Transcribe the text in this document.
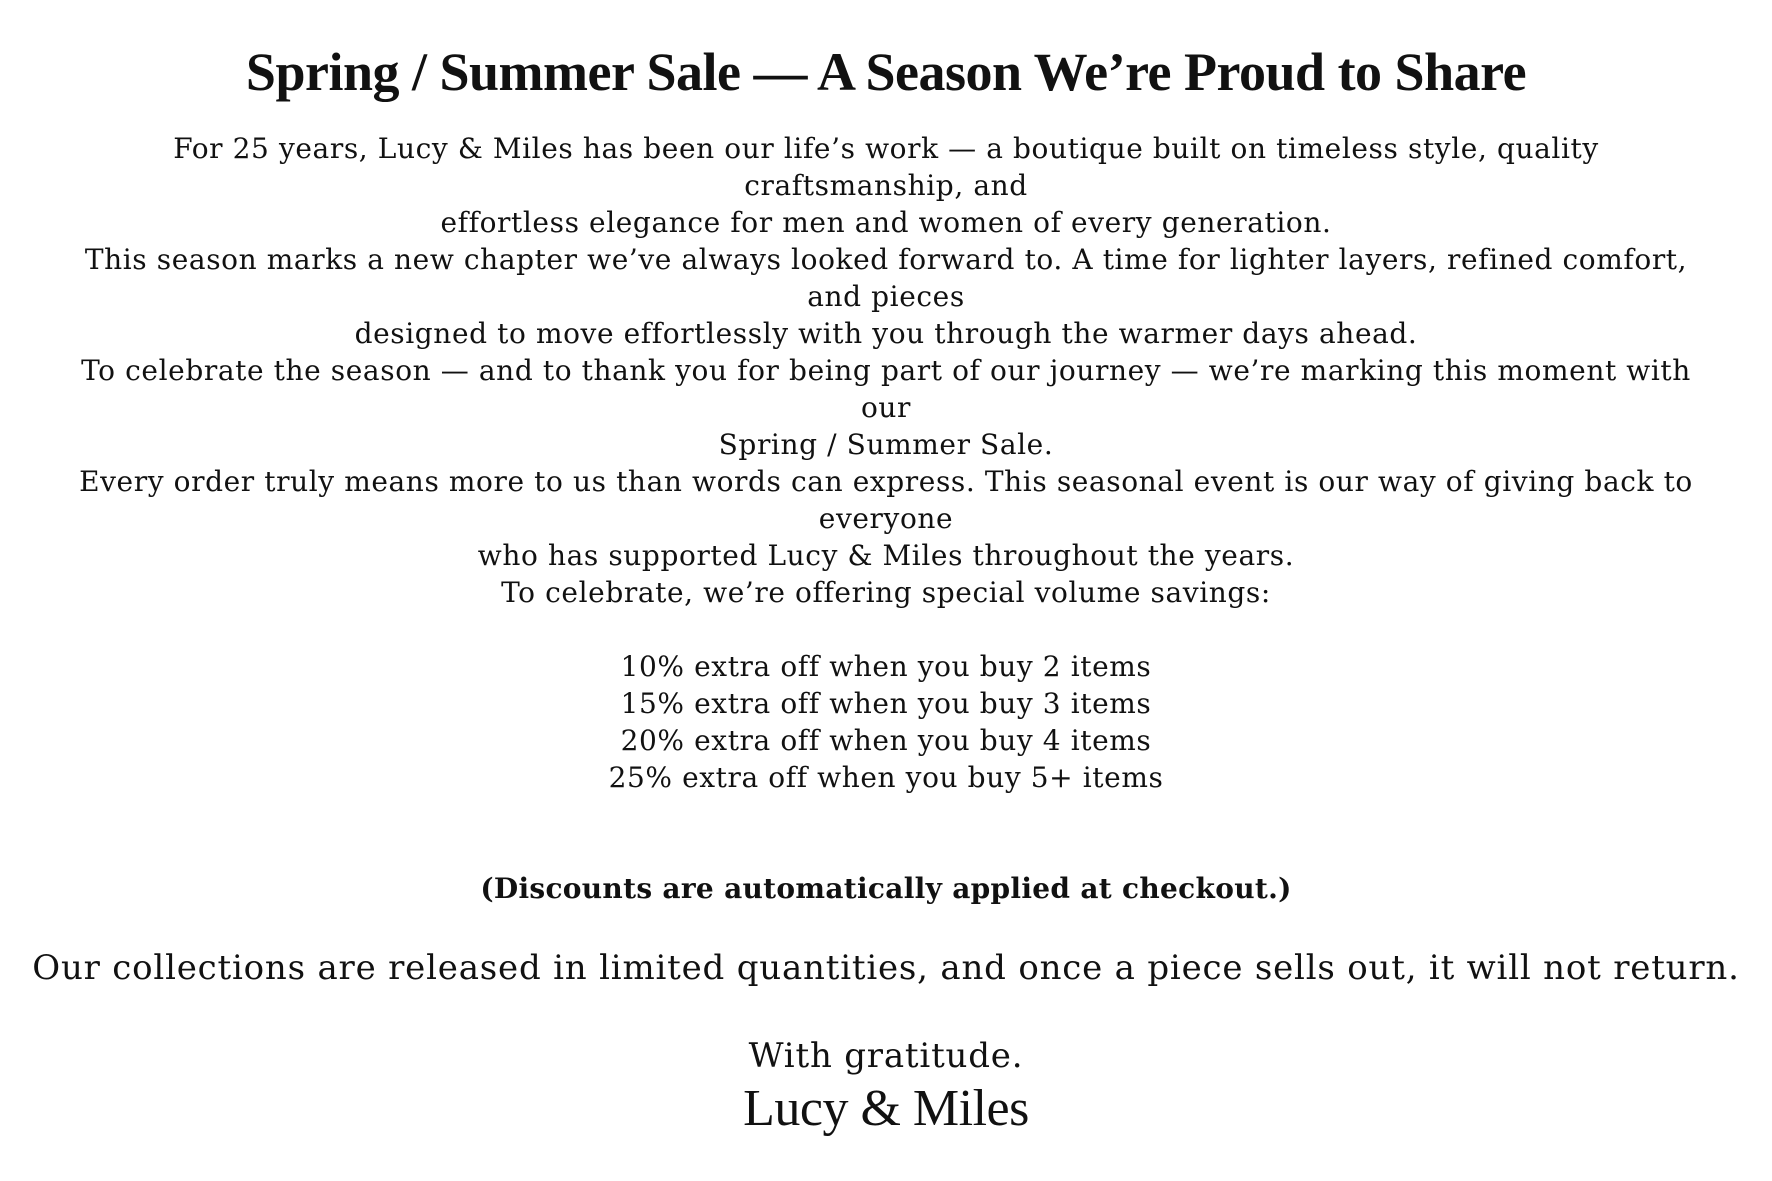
Spring / Summer Sale — A Season We’re Proud to Share

For 25 years, Lucy & Miles has been our life’s work — a boutique built on timeless style, quality craftsmanship, and
effortless elegance for men and women of every generation.

This season marks a new chapter we’ve always looked forward to. A time for lighter layers, refined comfort, and pieces
designed to move effortlessly with you through the warmer days ahead.

To celebrate the season — and to thank you for being part of our journey — we’re marking this moment with our
Spring / Summer Sale.

Every order truly means more to us than words can express. This seasonal event is our way of giving back to everyone
who has supported Lucy & Miles throughout the years.

To celebrate, we’re offering special volume savings:

10% extra off when you buy 2 items
15% extra off when you buy 3 items
20% extra off when you buy 4 items
25% extra off when you buy 5+ items

(Discounts are automatically applied at checkout.)

Our collections are released in limited quantities, and once a piece sells out, it will not return.

With gratitude.

Lucy & Miles
